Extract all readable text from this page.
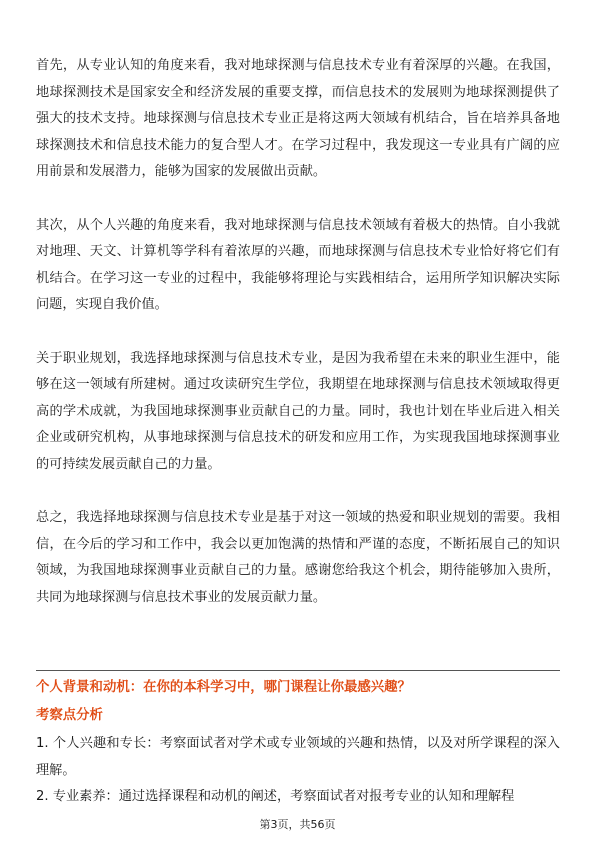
首先，从专业认知的角度来看，我对地球探测与信息技术专业有着深厚的兴趣。在我国，地球探测技术是国家安全和经济发展的重要支撑，而信息技术的发展则为地球探测提供了强大的技术支持。地球探测与信息技术专业正是将这两大领域有机结合，旨在培养具备地球探测技术和信息技术能力的复合型人才。在学习过程中，我发现这一专业具有广阔的应用前景和发展潜力，能够为国家的发展做出贡献。

其次，从个人兴趣的角度来看，我对地球探测与信息技术领域有着极大的热情。自小我就对地理、天文、计算机等学科有着浓厚的兴趣，而地球探测与信息技术专业恰好将它们有机结合。在学习这一专业的过程中，我能够将理论与实践相结合，运用所学知识解决实际问题，实现自我价值。

关于职业规划，我选择地球探测与信息技术专业，是因为我希望在未来的职业生涯中，能够在这一领域有所建树。通过攻读研究生学位，我期望在地球探测与信息技术领域取得更高的学术成就，为我国地球探测事业贡献自己的力量。同时，我也计划在毕业后进入相关企业或研究机构，从事地球探测与信息技术的研发和应用工作，为实现我国地球探测事业的可持续发展贡献自己的力量。

总之，我选择地球探测与信息技术专业是基于对这一领域的热爱和职业规划的需要。我相信，在今后的学习和工作中，我会以更加饱满的热情和严谨的态度，不断拓展自己的知识领域，为我国地球探测事业贡献自己的力量。感谢您给我这个机会，期待能够加入贵所，共同为地球探测与信息技术事业的发展贡献力量。

个人背景和动机：在你的本科学习中，哪门课程让你最感兴趣？
考察点分析

1. 个人兴趣和专长：考察面试者对学术或专业领域的兴趣和热情，以及对所学课程的深入理解。

2. 专业素养：通过选择课程和动机的阐述，考察面试者对报考专业的认知和理解程

第3页，共56页
